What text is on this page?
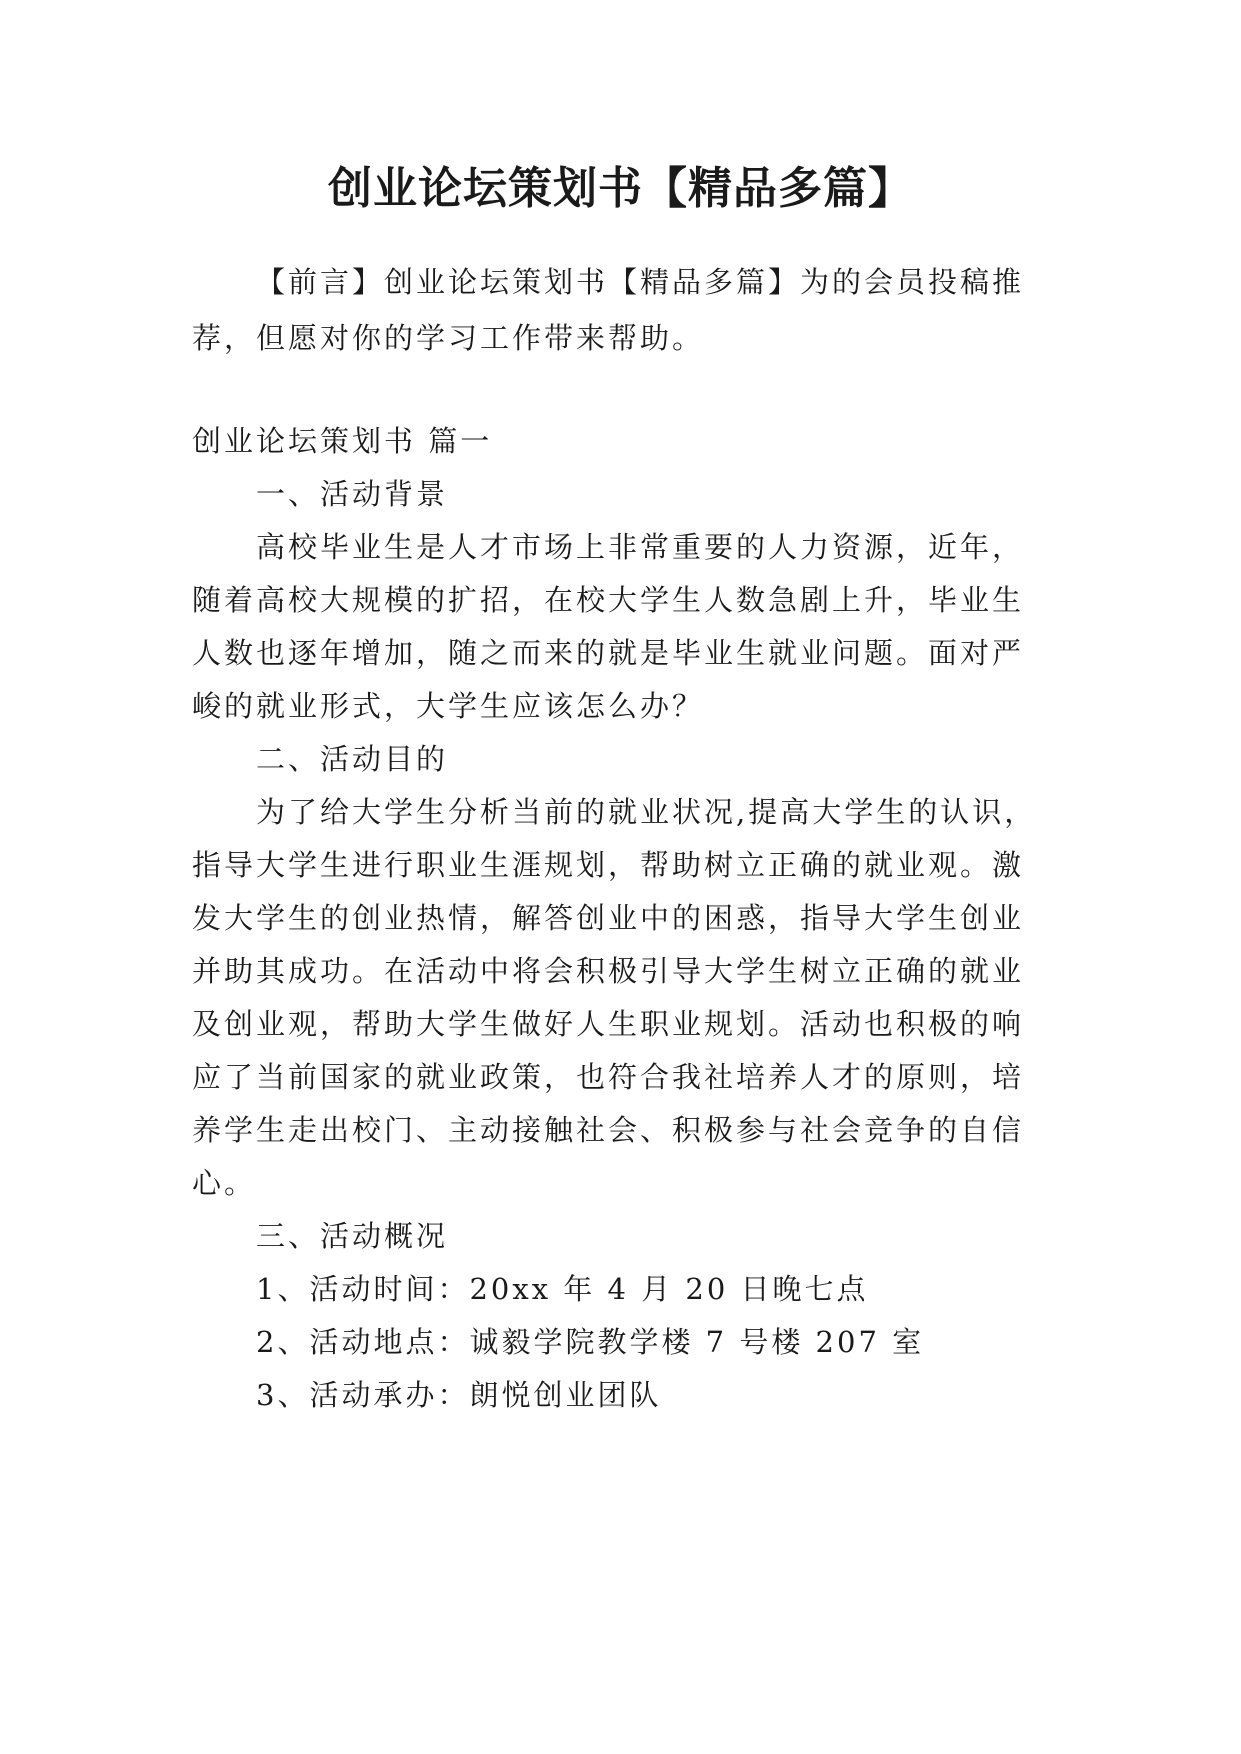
创业论坛策划书【精品多篇】
【前言】创业论坛策划书【精品多篇】为的会员投稿推
荐，但愿对你的学习工作带来帮助。
创业论坛策划书 篇一
一、活动背景
高校毕业生是人才市场上非常重要的人力资源，近年，
随着高校大规模的扩招，在校大学生人数急剧上升，毕业生
人数也逐年增加，随之而来的就是毕业生就业问题。面对严
峻的就业形式，大学生应该怎么办？
二、活动目的
为了给大学生分析当前的就业状况,提高大学生的认识，
指导大学生进行职业生涯规划，帮助树立正确的就业观。激
发大学生的创业热情，解答创业中的困惑，指导大学生创业
并助其成功。在活动中将会积极引导大学生树立正确的就业
及创业观，帮助大学生做好人生职业规划。活动也积极的响
应了当前国家的就业政策，也符合我社培养人才的原则，培
养学生走出校门、主动接触社会、积极参与社会竞争的自信
心。
三、活动概况
1、活动时间：20xx 年 4 月 20 日晚七点
2、活动地点：诚毅学院教学楼 7 号楼 207 室
3、活动承办：朗悦创业团队
